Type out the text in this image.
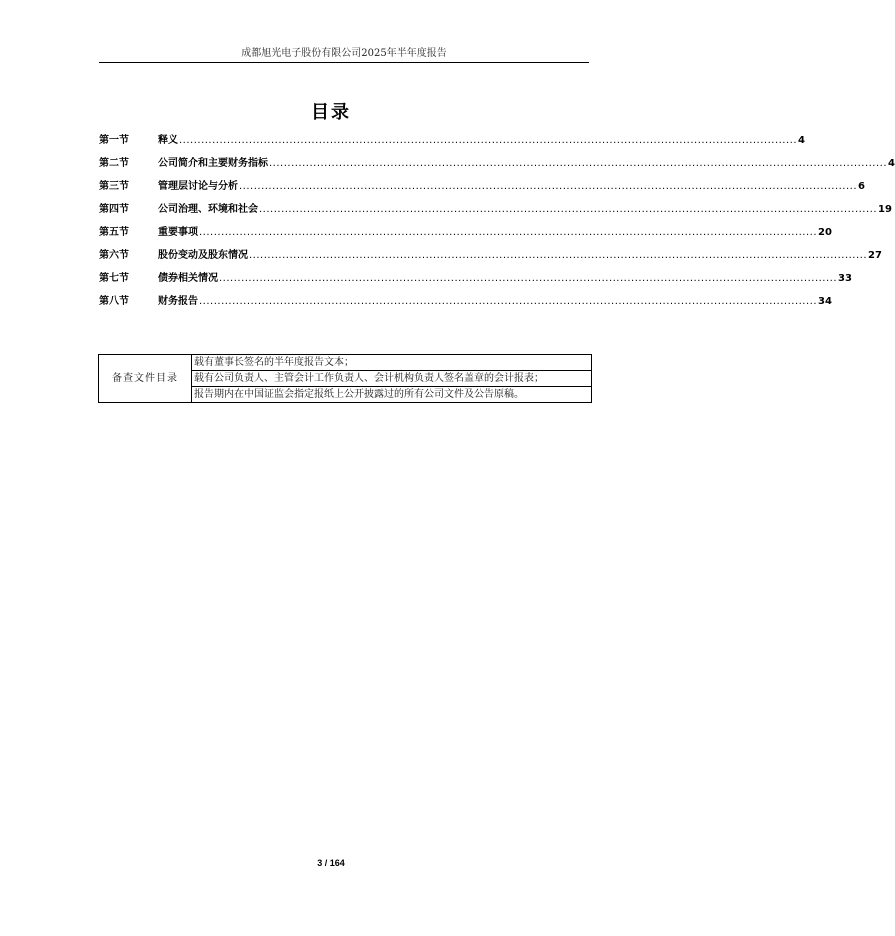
成都旭光电子股份有限公司2025年半年度报告
目录
第一节	释义 ........................................................................................................................................................................ 4
第二节	公司简介和主要财务指标 ........................................................................................................................................................................ 4
第三节	管理层讨论与分析 ........................................................................................................................................................................ 6
第四节	公司治理、环境和社会 ........................................................................................................................................................................ 19
第五节	重要事项 ........................................................................................................................................................................ 20
第六节	股份变动及股东情况 ........................................................................................................................................................................ 27
第七节	债券相关情况 ........................................................................................................................................................................ 33
第八节	财务报告 ........................................................................................................................................................................ 34
备查文件目录	载有董事长签名的半年度报告文本；
载有公司负责人、主管会计工作负责人、会计机构负责人签名盖章的会计报表；
报告期内在中国证监会指定报纸上公开披露过的所有公司文件及公告原稿。
3 / 164
